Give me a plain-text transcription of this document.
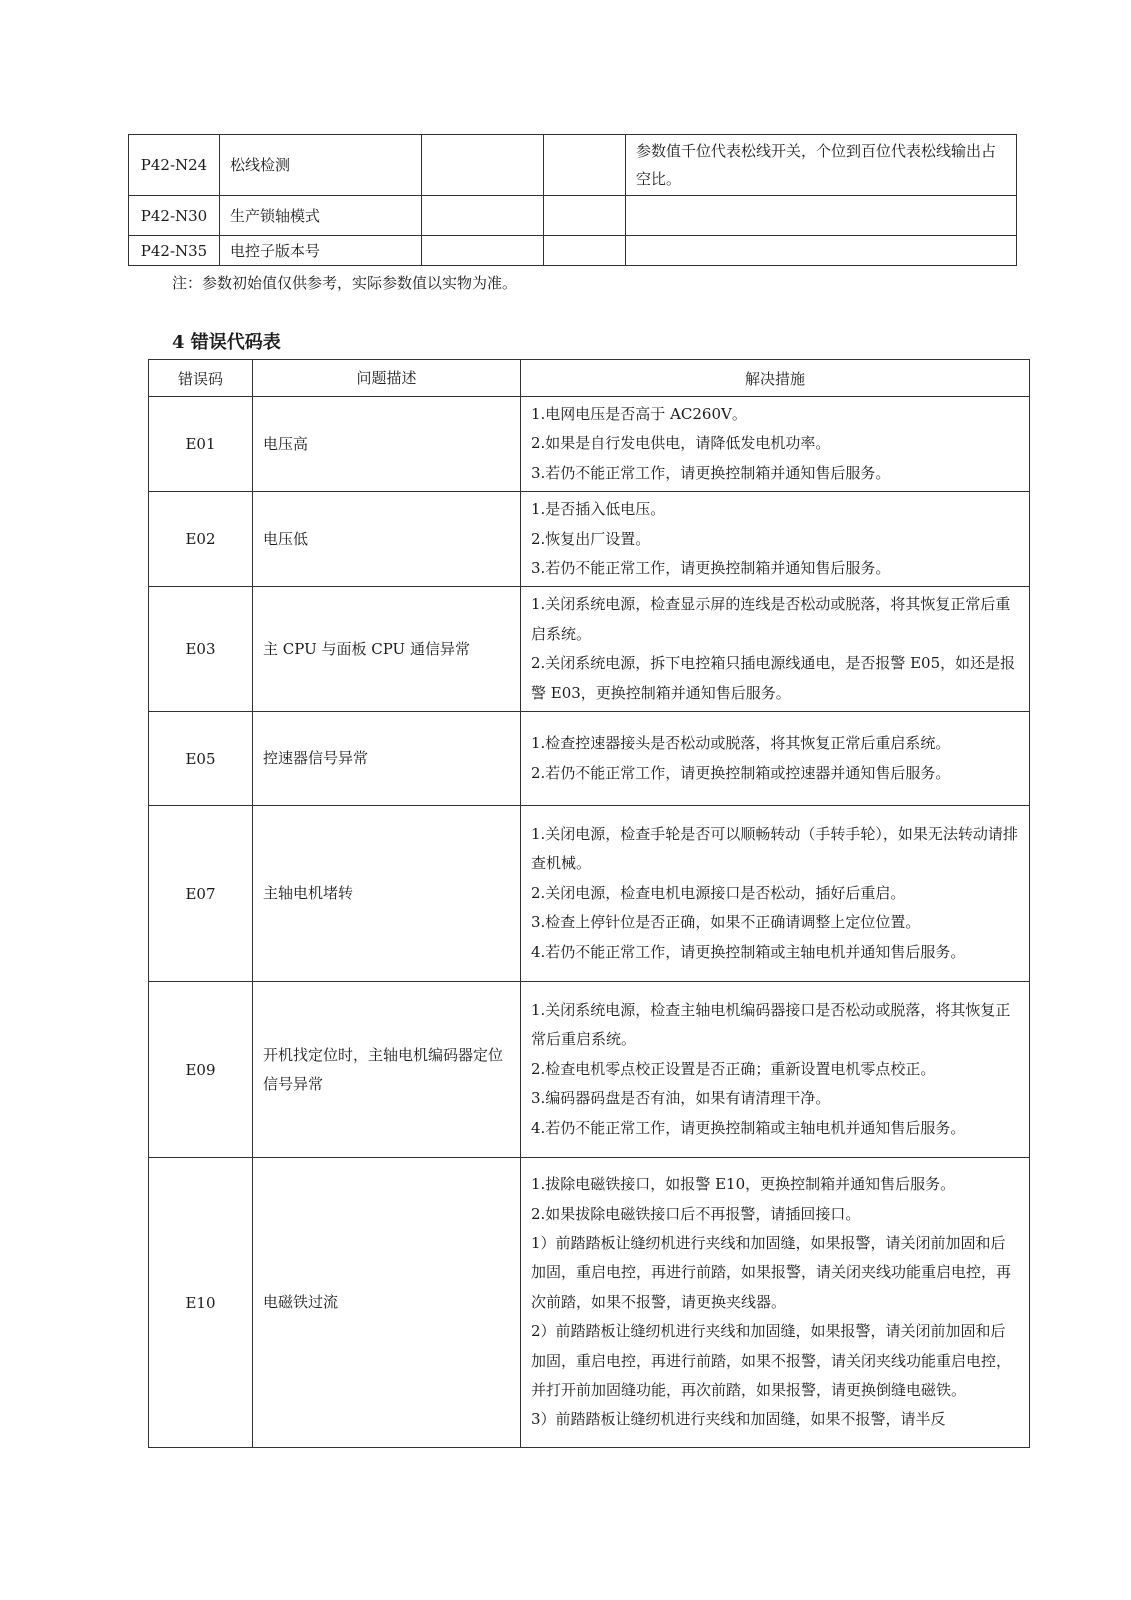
P42-N24	松线检测			参数值千位代表松线开关，个位到百位代表松线输出占空比。
P42-N30	生产锁轴模式			
P42-N35	电控子版本号			
注：参数初始值仅供参考，实际参数值以实物为准。
4 错误代码表
错误码	问题描述	解决措施
E01	电压高	1.电网电压是否高于 AC260V。
2.如果是自行发电供电，请降低发电机功率。
3.若仍不能正常工作，请更换控制箱并通知售后服务。

E02	电压低	1.是否插入低电压。
2.恢复出厂设置。
3.若仍不能正常工作，请更换控制箱并通知售后服务。

E03	主 CPU 与面板 CPU 通信异常	1.关闭系统电源，检查显示屏的连线是否松动或脱落，将其恢复正常后重启系统。
2.关闭系统电源，拆下电控箱只插电源线通电，是否报警 E05，如还是报警 E03，更换控制箱并通知售后服务。

E05	控速器信号异常	1.检查控速器接头是否松动或脱落，将其恢复正常后重启系统。
2.若仍不能正常工作，请更换控制箱或控速器并通知售后服务。

E07	主轴电机堵转	1.关闭电源，检查手轮是否可以顺畅转动（手转手轮），如果无法转动请排查机械。
2.关闭电源，检查电机电源接口是否松动，插好后重启。
3.检查上停针位是否正确，如果不正确请调整上定位位置。
4.若仍不能正常工作，请更换控制箱或主轴电机并通知售后服务。

E09	开机找定位时，主轴电机编码器定位信号异常	1.关闭系统电源，检查主轴电机编码器接口是否松动或脱落，将其恢复正常后重启系统。
2.检查电机零点校正设置是否正确；重新设置电机零点校正。
3.编码器码盘是否有油，如果有请清理干净。
4.若仍不能正常工作，请更换控制箱或主轴电机并通知售后服务。

E10	电磁铁过流	1.拔除电磁铁接口，如报警 E10，更换控制箱并通知售后服务。
2.如果拔除电磁铁接口后不再报警，请插回接口。
1）前踏踏板让缝纫机进行夹线和加固缝，如果报警，请关闭前加固和后加固，重启电控，再进行前踏，如果报警，请关闭夹线功能重启电控，再次前踏，如果不报警，请更换夹线器。
2）前踏踏板让缝纫机进行夹线和加固缝，如果报警，请关闭前加固和后加固，重启电控，再进行前踏，如果不报警，请关闭夹线功能重启电控，并打开前加固缝功能，再次前踏，如果报警，请更换倒缝电磁铁。
3）前踏踏板让缝纫机进行夹线和加固缝，如果不报警，请半反
